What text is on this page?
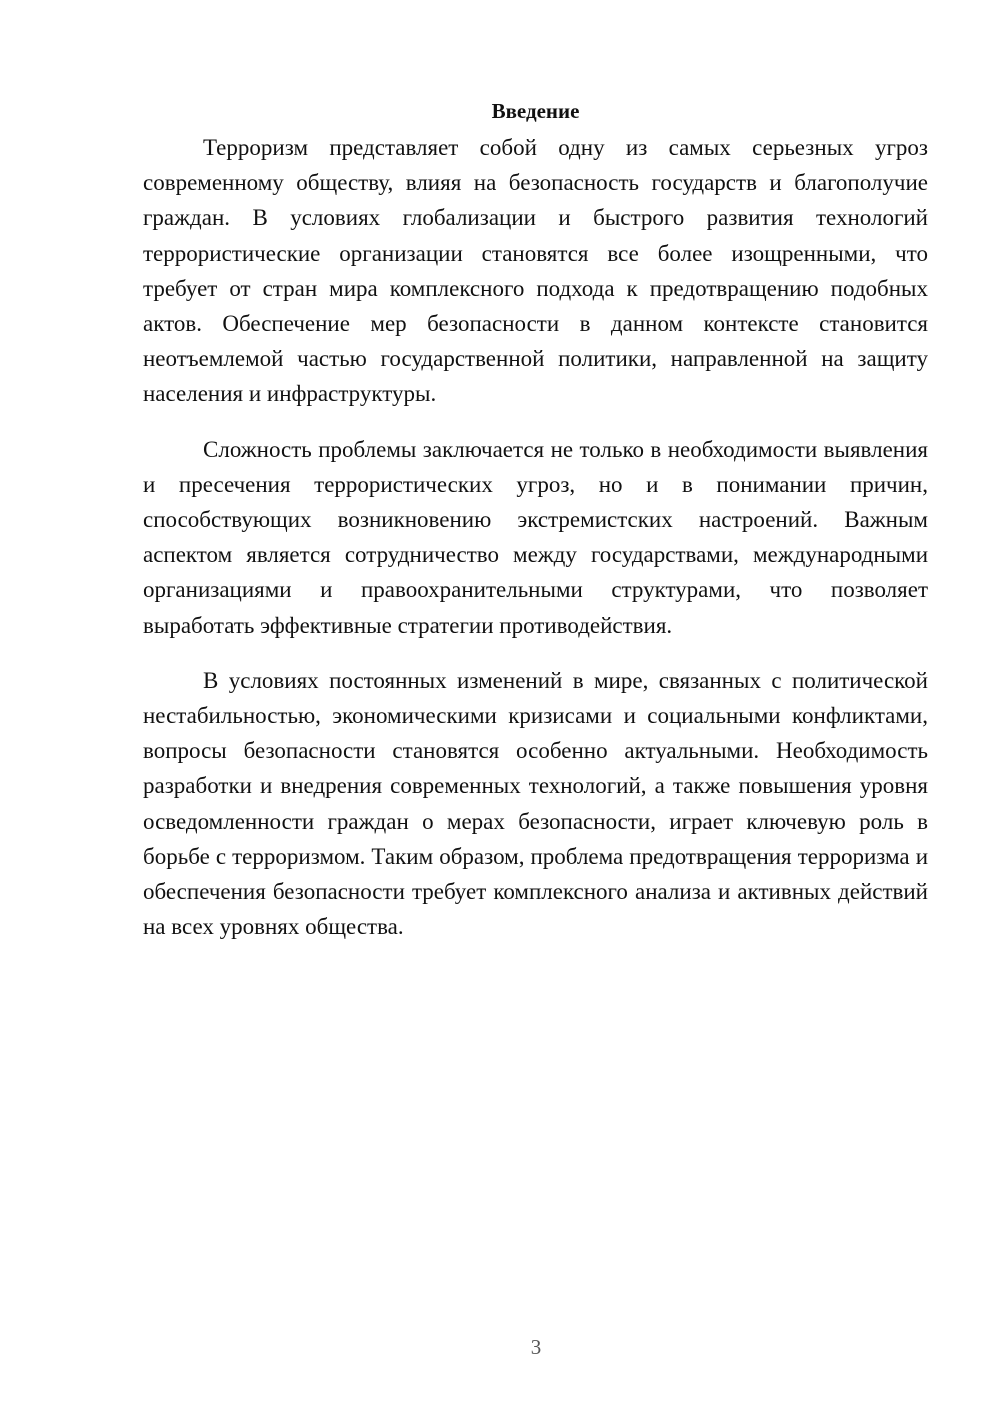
Введение

Терроризм представляет собой одну из самых серьезных угроз современному обществу, влияя на безопасность государств и благополучие граждан. В условиях глобализации и быстрого развития технологий террористические организации становятся все более изощренными, что требует от стран мира комплексного подхода к предотвращению подобных актов. Обеспечение мер безопасности в данном контексте становится неотъемлемой частью государственной политики, направленной на защиту населения и инфраструктуры.

Сложность проблемы заключается не только в необходимости выявления и пресечения террористических угроз, но и в понимании причин, способствующих возникновению экстремистских настроений. Важным аспектом является сотрудничество между государствами, международными организациями и правоохранительными структурами, что позволяет выработать эффективные стратегии противодействия.

В условиях постоянных изменений в мире, связанных с политической нестабильностью, экономическими кризисами и социальными конфликтами, вопросы безопасности становятся особенно актуальными. Необходимость разработки и внедрения современных технологий, а также повышения уровня осведомленности граждан о мерах безопасности, играет ключевую роль в борьбе с терроризмом. Таким образом, проблема предотвращения терроризма и обеспечения безопасности требует комплексного анализа и активных действий на всех уровнях общества.

3
